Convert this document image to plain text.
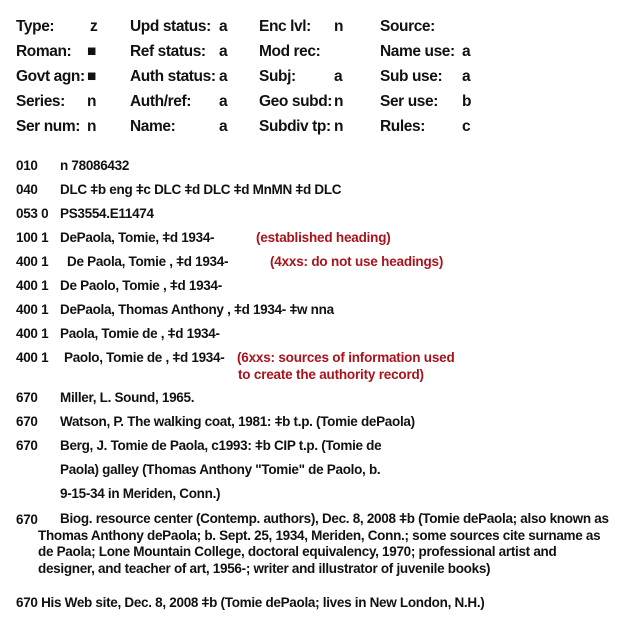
Type: z Upd status: a Enc lvl: n Source:
Roman: ■ Ref status: a Mod rec:	Name use: a
Govt agn: ■ Auth status: a Subj: a Sub use: a
Series: n Auth/ref: a Geo subd: n Ser use: b
Ser num: n Name:	a Subdiv tp: n Rules: c
010 n 78086432
040 DLC ǂb eng ǂc DLC ǂd DLC ǂd MnMN ǂd DLC
053 0 PS3554.E11474
100 1 DePaola, Tomie, ǂd 1934-	(established heading)
400 1 De Paola, Tomie , ǂd 1934-	(4xxs: do not use headings)
400 1 De Paolo, Tomie , ǂd 1934-
400 1 DePaola, Thomas Anthony , ǂd 1934- ǂw nna
400 1 Paola, Tomie de , ǂd 1934-
400 1 Paolo, Tomie de , ǂd 1934- (6xxs: sources of information used
to create the authority record)
670 Miller, L. Sound, 1965.
670 Watson, P. The walking coat, 1981: ǂb t.p. (Tomie dePaola)
670 Berg, J. Tomie de Paola, c1993: ǂb CIP t.p. (Tomie de
Paola) galley (Thomas Anthony "Tomie" de Paolo, b.
9-15-34 in Meriden, Conn.)
670	Biog. resource center (Contemp. authors), Dec. 8, 2008 ǂb (Tomie dePaola; also known as Thomas Anthony dePaola; b. Sept. 25, 1934, Meriden, Conn.; some sources cite surname as de Paola; Lone Mountain College, doctoral equivalency, 1970; professional artist and designer, and teacher of art, 1956-; writer and illustrator of juvenile books)
670 His Web site, Dec. 8, 2008 ǂb (Tomie dePaola; lives in New London, N.H.)
